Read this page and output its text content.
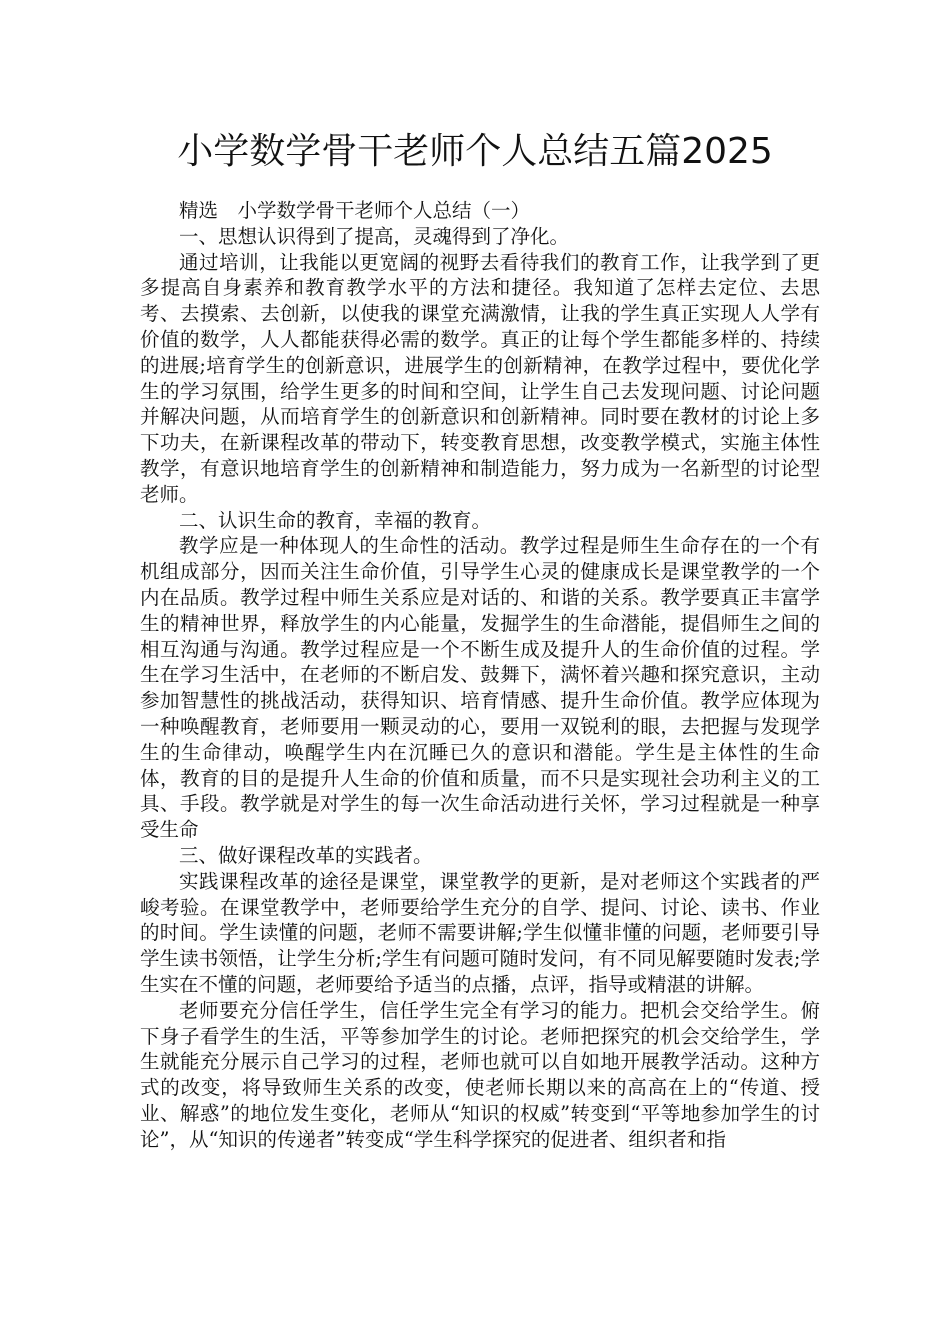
小学数学骨干老师个人总结五篇2025

精选　小学数学骨干老师个人总结（一）

一、思想认识得到了提高，灵魂得到了净化。

通过培训，让我能以更宽阔的视野去看待我们的教育工作，让我学到了更多提高自身素养和教育教学水平的方法和捷径。我知道了怎样去定位、去思考、去摸索、去创新，以使我的课堂充满激情，让我的学生真正实现人人学有价值的数学，人人都能获得必需的数学。真正的让每个学生都能多样的、持续的进展;培育学生的创新意识，进展学生的创新精神，在教学过程中，要优化学生的学习氛围，给学生更多的时间和空间，让学生自己去发现问题、讨论问题并解决问题，从而培育学生的创新意识和创新精神。同时要在教材的讨论上多下功夫，在新课程改革的带动下，转变教育思想，改变教学模式，实施主体性教学，有意识地培育学生的创新精神和制造能力，努力成为一名新型的讨论型老师。

二、认识生命的教育，幸福的教育。

教学应是一种体现人的生命性的活动。教学过程是师生生命存在的一个有机组成部分，因而关注生命价值，引导学生心灵的健康成长是课堂教学的一个内在品质。教学过程中师生关系应是对话的、和谐的关系。教学要真正丰富学生的精神世界，释放学生的内心能量，发掘学生的生命潜能，提倡师生之间的相互沟通与沟通。教学过程应是一个不断生成及提升人的生命价值的过程。学生在学习生活中，在老师的不断启发、鼓舞下，满怀着兴趣和探究意识，主动参加智慧性的挑战活动，获得知识、培育情感、提升生命价值。教学应体现为一种唤醒教育，老师要用一颗灵动的心，要用一双锐利的眼，去把握与发现学生的生命律动，唤醒学生内在沉睡已久的意识和潜能。学生是主体性的生命体，教育的目的是提升人生命的价值和质量，而不只是实现社会功利主义的工具、手段。教学就是对学生的每一次生命活动进行关怀，学习过程就是一种享受生命

三、做好课程改革的实践者。

实践课程改革的途径是课堂，课堂教学的更新，是对老师这个实践者的严峻考验。在课堂教学中，老师要给学生充分的自学、提问、讨论、读书、作业的时间。学生读懂的问题，老师不需要讲解;学生似懂非懂的问题，老师要引导学生读书领悟，让学生分析;学生有问题可随时发问，有不同见解要随时发表;学生实在不懂的问题，老师要给予适当的点播，点评，指导或精湛的讲解。

老师要充分信任学生，信任学生完全有学习的能力。把机会交给学生。俯下身子看学生的生活，平等参加学生的讨论。老师把探究的机会交给学生，学生就能充分展示自己学习的过程，老师也就可以自如地开展教学活动。这种方式的改变，将导致师生关系的改变，使老师长期以来的高高在上的“传道、授业、解惑”的地位发生变化，老师从“知识的权威”转变到“平等地参加学生的讨论”，从“知识的传递者”转变成“学生科学探究的促进者、组织者和指
